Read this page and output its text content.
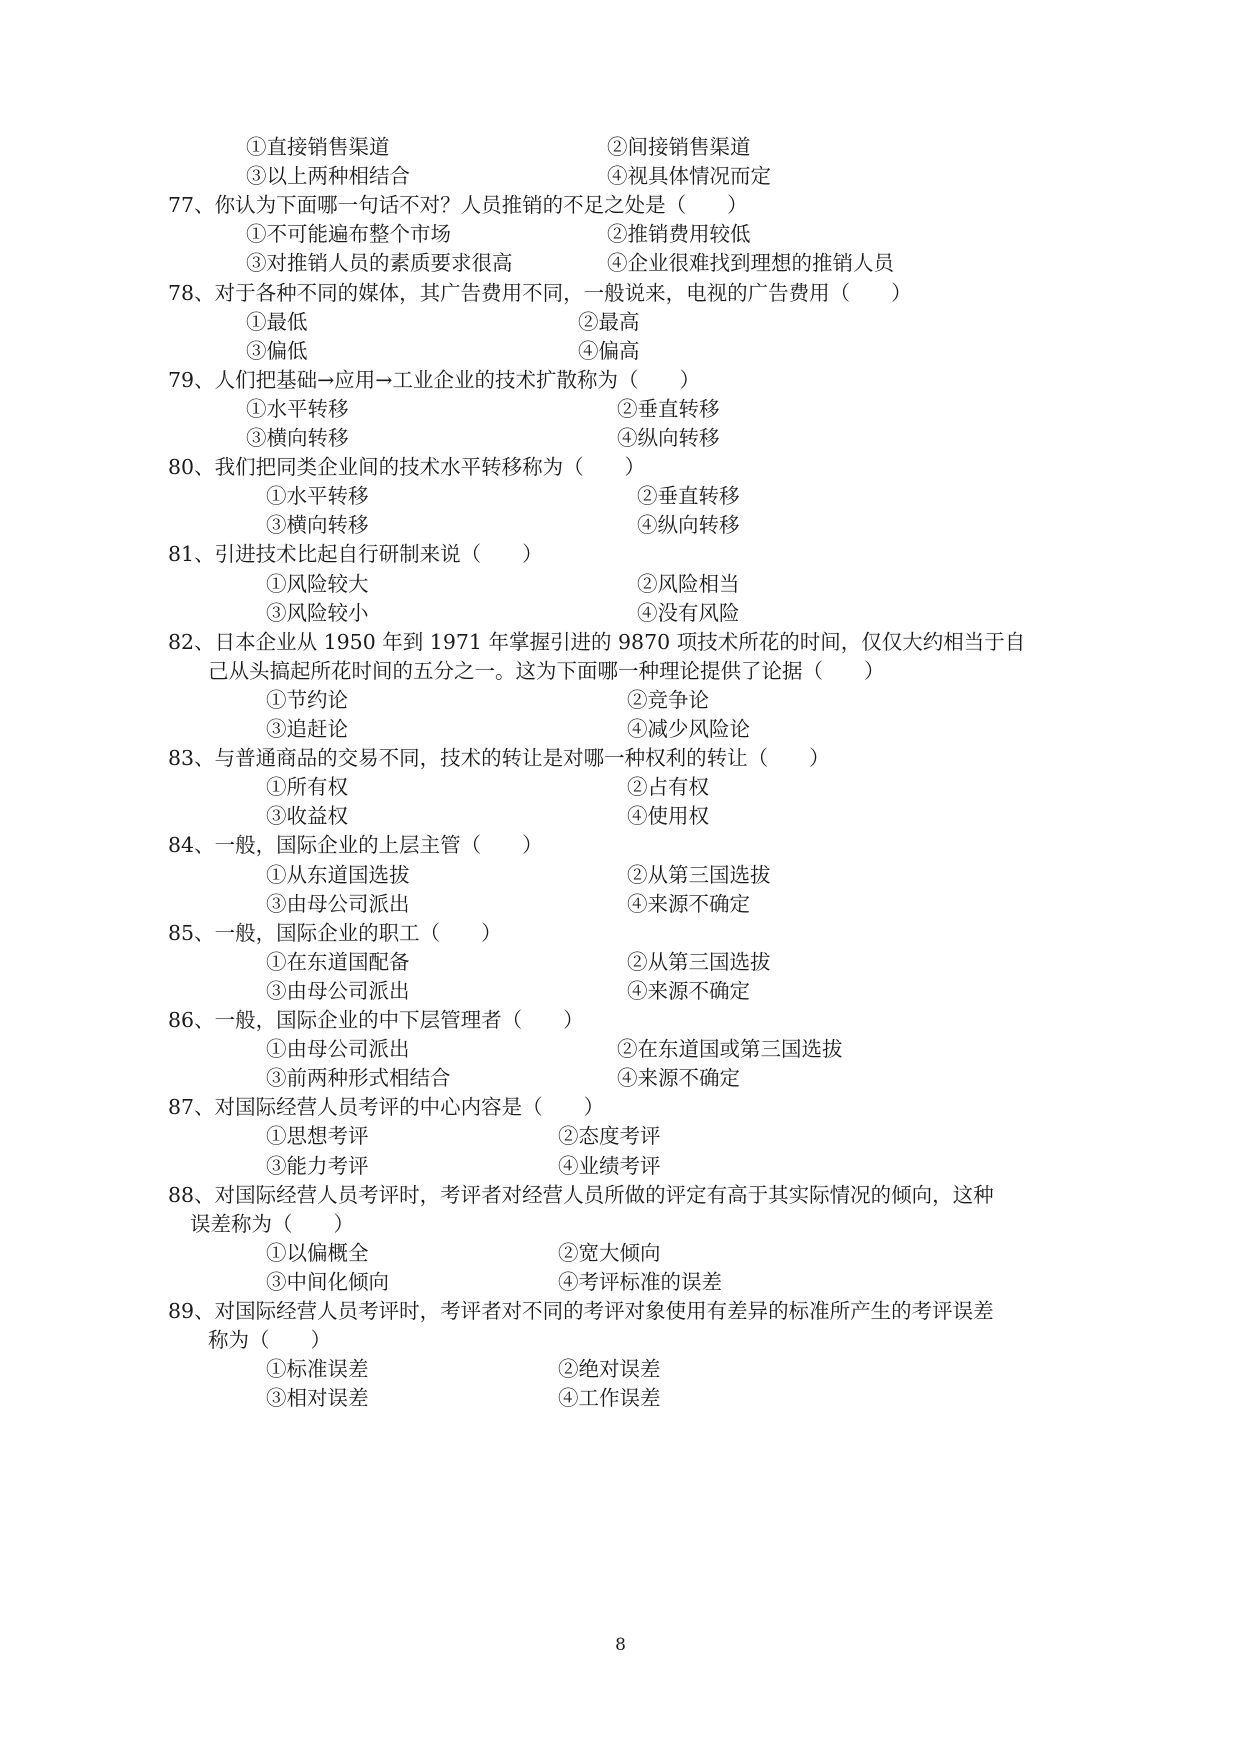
①直接销售渠道	②间接销售渠道
③以上两种相结合	④视具体情况而定
77、你认为下面哪一句话不对？人员推销的不足之处是（　　）
①不可能遍布整个市场	②推销费用较低
③对推销人员的素质要求很高	④企业很难找到理想的推销人员
78、对于各种不同的媒体，其广告费用不同，一般说来，电视的广告费用（　　）
①最低	②最高
③偏低	④偏高
79、人们把基础→应用→工业企业的技术扩散称为（　　）
①水平转移	②垂直转移
③横向转移	④纵向转移
80、我们把同类企业间的技术水平转移称为（　　）
①水平转移	②垂直转移
③横向转移	④纵向转移
81、引进技术比起自行研制来说（　　）
①风险较大	②风险相当
③风险较小	④没有风险
82、日本企业从 1950 年到 1971 年掌握引进的 9870 项技术所花的时间，仅仅大约相当于自
己从头搞起所花时间的五分之一。这为下面哪一种理论提供了论据（　　）
①节约论	②竞争论
③追赶论	④减少风险论
83、与普通商品的交易不同，技术的转让是对哪一种权利的转让（　　）
①所有权	②占有权
③收益权	④使用权
84、一般，国际企业的上层主管（　　）
①从东道国选拔	②从第三国选拔
③由母公司派出	④来源不确定
85、一般，国际企业的职工（　　）
①在东道国配备	②从第三国选拔
③由母公司派出	④来源不确定
86、一般，国际企业的中下层管理者（　　）
①由母公司派出	②在东道国或第三国选拔
③前两种形式相结合	④来源不确定
87、对国际经营人员考评的中心内容是（　　）
①思想考评	②态度考评
③能力考评	④业绩考评
88、对国际经营人员考评时，考评者对经营人员所做的评定有高于其实际情况的倾向，这种
误差称为（　　）
①以偏概全	②宽大倾向
③中间化倾向	④考评标准的误差
89、对国际经营人员考评时，考评者对不同的考评对象使用有差异的标准所产生的考评误差
称为（　　）
①标准误差	②绝对误差
③相对误差	④工作误差
8
